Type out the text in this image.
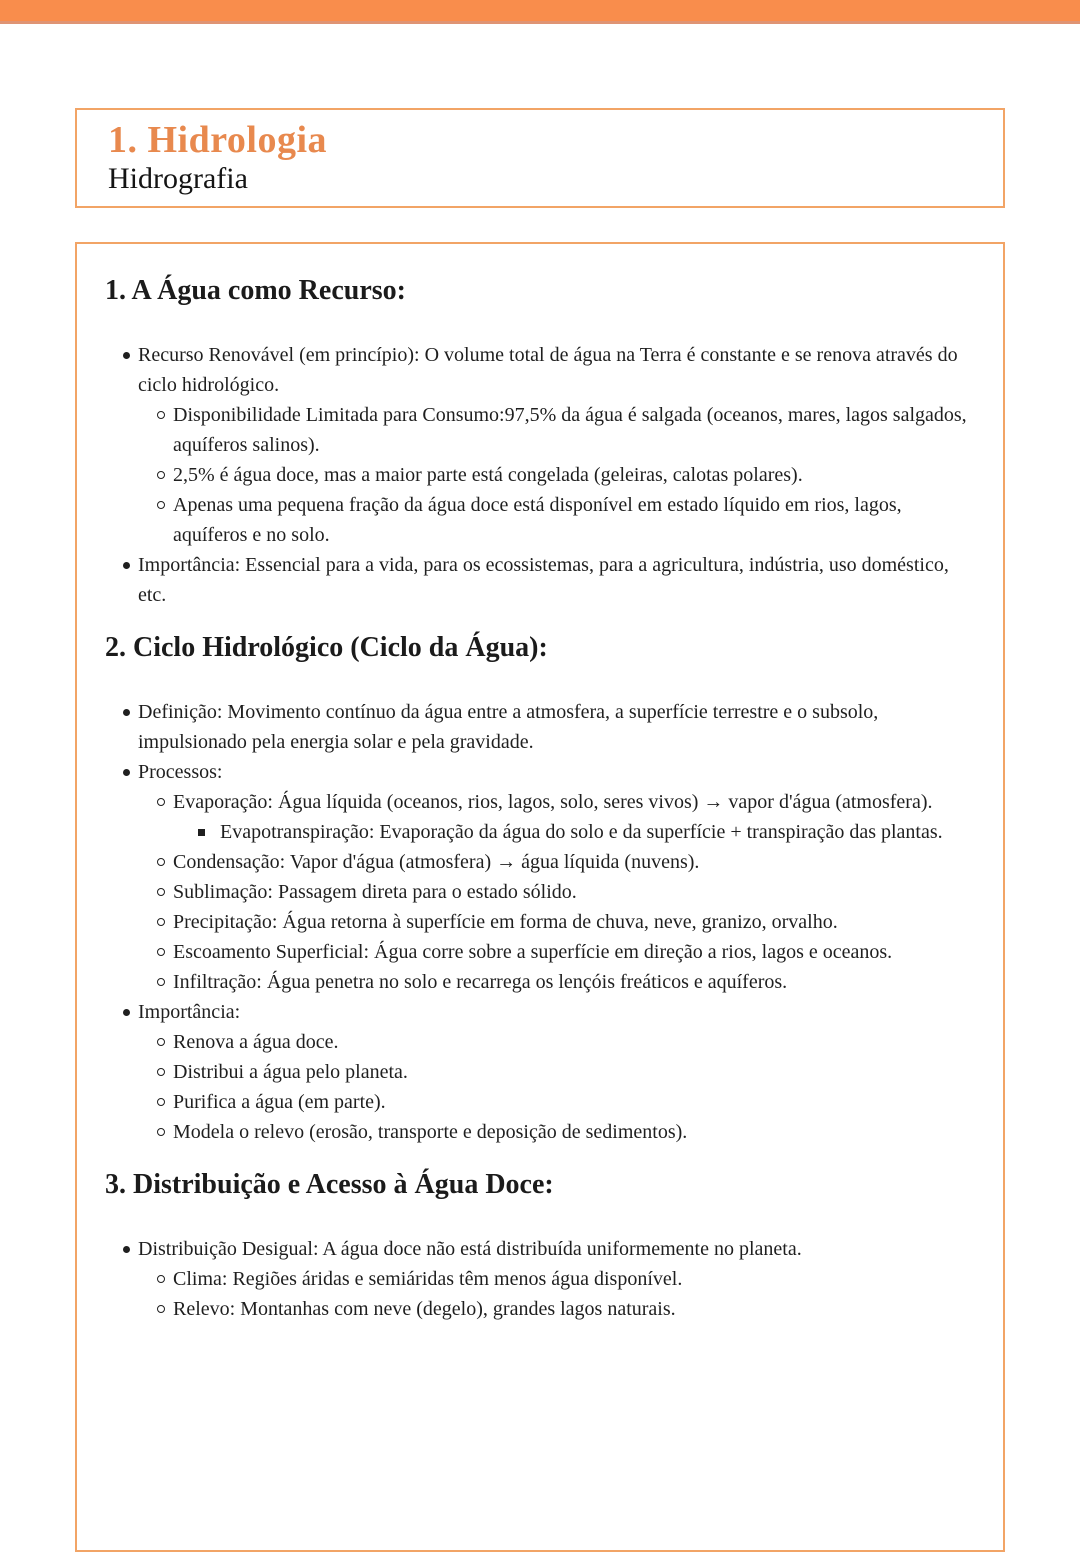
1. Hidrologia
Hidrografia
1. A Água como Recurso:
Recurso Renovável (em princípio): O volume total de água na Terra é constante e se renova através do ciclo hidrológico.
Disponibilidade Limitada para Consumo:97,5% da água é salgada (oceanos, mares, lagos salgados, aquíferos salinos).
2,5% é água doce, mas a maior parte está congelada (geleiras, calotas polares).
Apenas uma pequena fração da água doce está disponível em estado líquido em rios, lagos, aquíferos e no solo.
Importância: Essencial para a vida, para os ecossistemas, para a agricultura, indústria, uso doméstico, etc.
2. Ciclo Hidrológico (Ciclo da Água):
Definição: Movimento contínuo da água entre a atmosfera, a superfície terrestre e o subsolo, impulsionado pela energia solar e pela gravidade.
Processos:
Evaporação: Água líquida (oceanos, rios, lagos, solo, seres vivos) → vapor d'água (atmosfera).
Evapotranspiração: Evaporação da água do solo e da superfície + transpiração das plantas.
Condensação: Vapor d'água (atmosfera) → água líquida (nuvens).
Sublimação: Passagem direta para o estado sólido.
Precipitação: Água retorna à superfície em forma de chuva, neve, granizo, orvalho.
Escoamento Superficial: Água corre sobre a superfície em direção a rios, lagos e oceanos.
Infiltração: Água penetra no solo e recarrega os lençóis freáticos e aquíferos.
Importância:
Renova a água doce.
Distribui a água pelo planeta.
Purifica a água (em parte).
Modela o relevo (erosão, transporte e deposição de sedimentos).
3. Distribuição e Acesso à Água Doce:
Distribuição Desigual: A água doce não está distribuída uniformemente no planeta.
Clima: Regiões áridas e semiáridas têm menos água disponível.
Relevo: Montanhas com neve (degelo), grandes lagos naturais.
